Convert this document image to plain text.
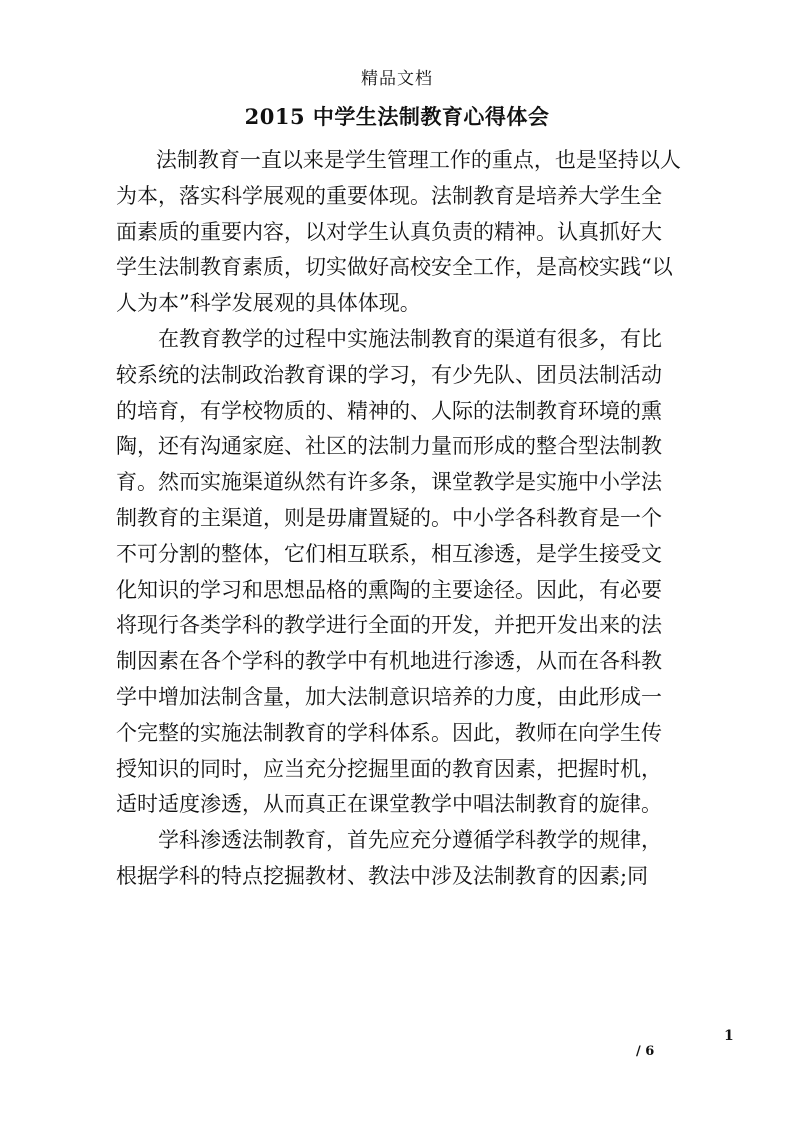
精品文档
2015 中学生法制教育心得体会

法制教育一直以来是学生管理工作的重点，也是坚持以人为本，落实科学展观的重要体现。法制教育是培养大学生全面素质的重要内容，以对学生认真负责的精神。认真抓好大学生法制教育素质，切实做好高校安全工作，是高校实践“以人为本”科学发展观的具体体现。

在教育教学的过程中实施法制教育的渠道有很多，有比较系统的法制政治教育课的学习，有少先队、团员法制活动的培育，有学校物质的、精神的、人际的法制教育环境的熏陶，还有沟通家庭、社区的法制力量而形成的整合型法制教育。然而实施渠道纵然有许多条，课堂教学是实施中小学法制教育的主渠道，则是毋庸置疑的。中小学各科教育是一个不可分割的整体，它们相互联系，相互渗透，是学生接受文化知识的学习和思想品格的熏陶的主要途径。因此，有必要将现行各类学科的教学进行全面的开发，并把开发出来的法制因素在各个学科的教学中有机地进行渗透，从而在各科教学中增加法制含量，加大法制意识培养的力度，由此形成一个完整的实施法制教育的学科体系。因此，教师在向学生传授知识的同时，应当充分挖掘里面的教育因素，把握时机，适时适度渗透，从而真正在课堂教学中唱法制教育的旋律。

学科渗透法制教育，首先应充分遵循学科教学的规律，根据学科的特点挖掘教材、教法中涉及法制教育的因素;同

1
/ 6
